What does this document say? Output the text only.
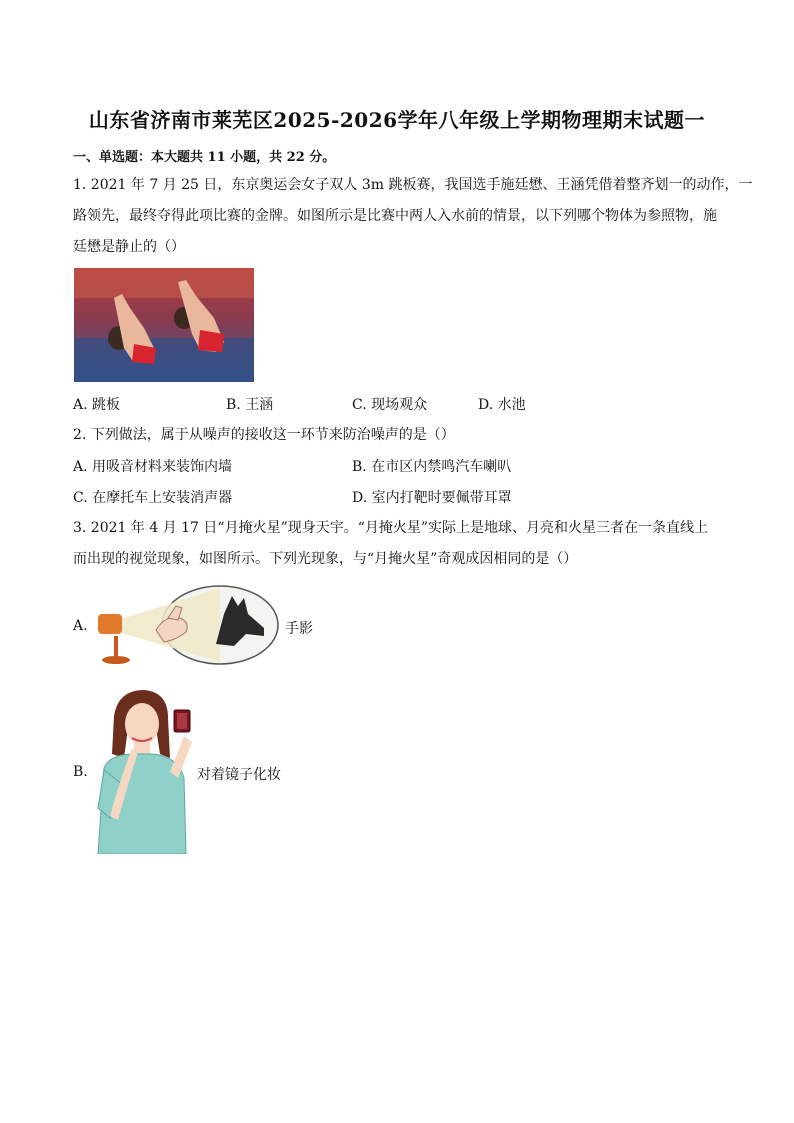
山东省济南市莱芜区2025-2026学年八年级上学期物理期末试题一
一、单选题：本大题共 11 小题，共 22 分。
1. 2021 年 7 月 25 日，东京奥运会女子双人 3m 跳板赛，我国选手施廷懋、王涵凭借着整齐划一的动作，一
路领先，最终夺得此项比赛的金牌。如图所示是比赛中两人入水前的情景，以下列哪个物体为参照物，施
廷懋是静止的（）
A. 跳板	B. 王涵	C. 现场观众	D. 水池
2. 下列做法，属于从噪声的接收这一环节来防治噪声的是（）
A. 用吸音材料来装饰内墙	B. 在市区内禁鸣汽车喇叭
C. 在摩托车上安装消声器	D. 室内打靶时要佩带耳罩
3. 2021 年 4 月 17 日“月掩火星”现身天宇。“月掩火星”实际上是地球、月亮和火星三者在一条直线上
而出现的视觉现象，如图所示。下列光现象，与“月掩火星”奇观成因相同的是（）
A.	手影
B.	对着镜子化妆
